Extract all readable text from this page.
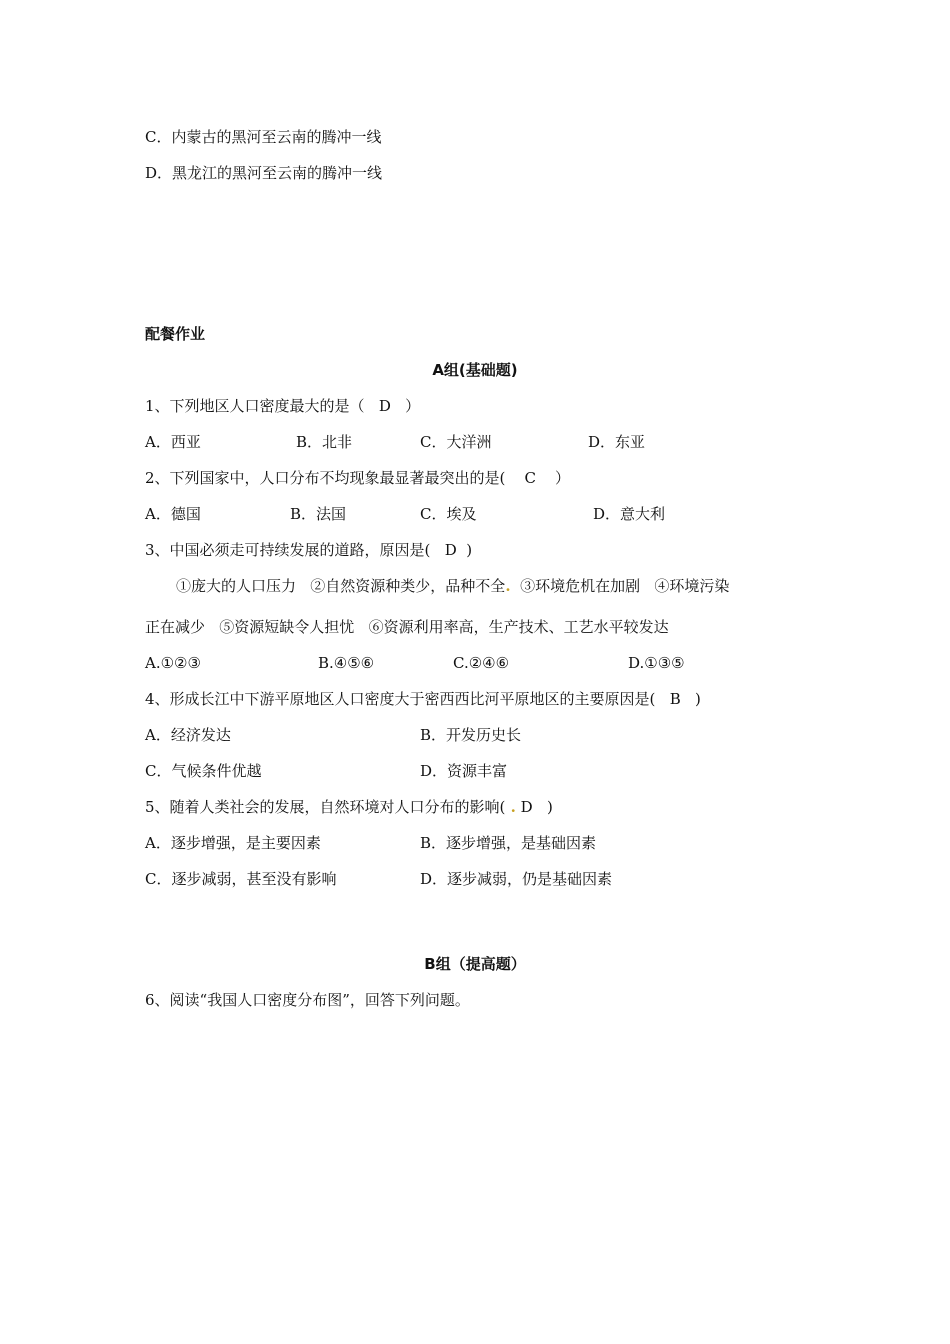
C．内蒙古的黑河至云南的腾冲一线
D．黑龙江的黑河至云南的腾冲一线
配餐作业
A组(基础题)
1、下列地区人口密度最大的是（   D   ）
A．西亚	B．北非	C．大洋洲	D．东亚
2、下列国家中，人口分布不均现象最显著最突出的是(    C    ）
A．德国	B．法国	C．埃及	D．意大利
3、中国必须走可持续发展的道路，原因是(   D  )
①庞大的人口压力   ②自然资源种类少，品种不全.  ③环境危机在加剧   ④环境污染
正在减少   ⑤资源短缺令人担忧   ⑥资源利用率高，生产技术、工艺水平较发达
A.①②③	B.④⑤⑥	C.②④⑥	D.①③⑤
4、形成长江中下游平原地区人口密度大于密西西比河平原地区的主要原因是(   B   )
A．经济发达	B．开发历史长
C．气候条件优越	D．资源丰富
5、随着人类社会的发展，自然环境对人口分布的影响( . D   )
A．逐步增强，是主要因素	B．逐步增强，是基础因素
C．逐步减弱，甚至没有影响	D．逐步减弱，仍是基础因素
B组（提高题）
6、阅读“我国人口密度分布图”，回答下列问题。
